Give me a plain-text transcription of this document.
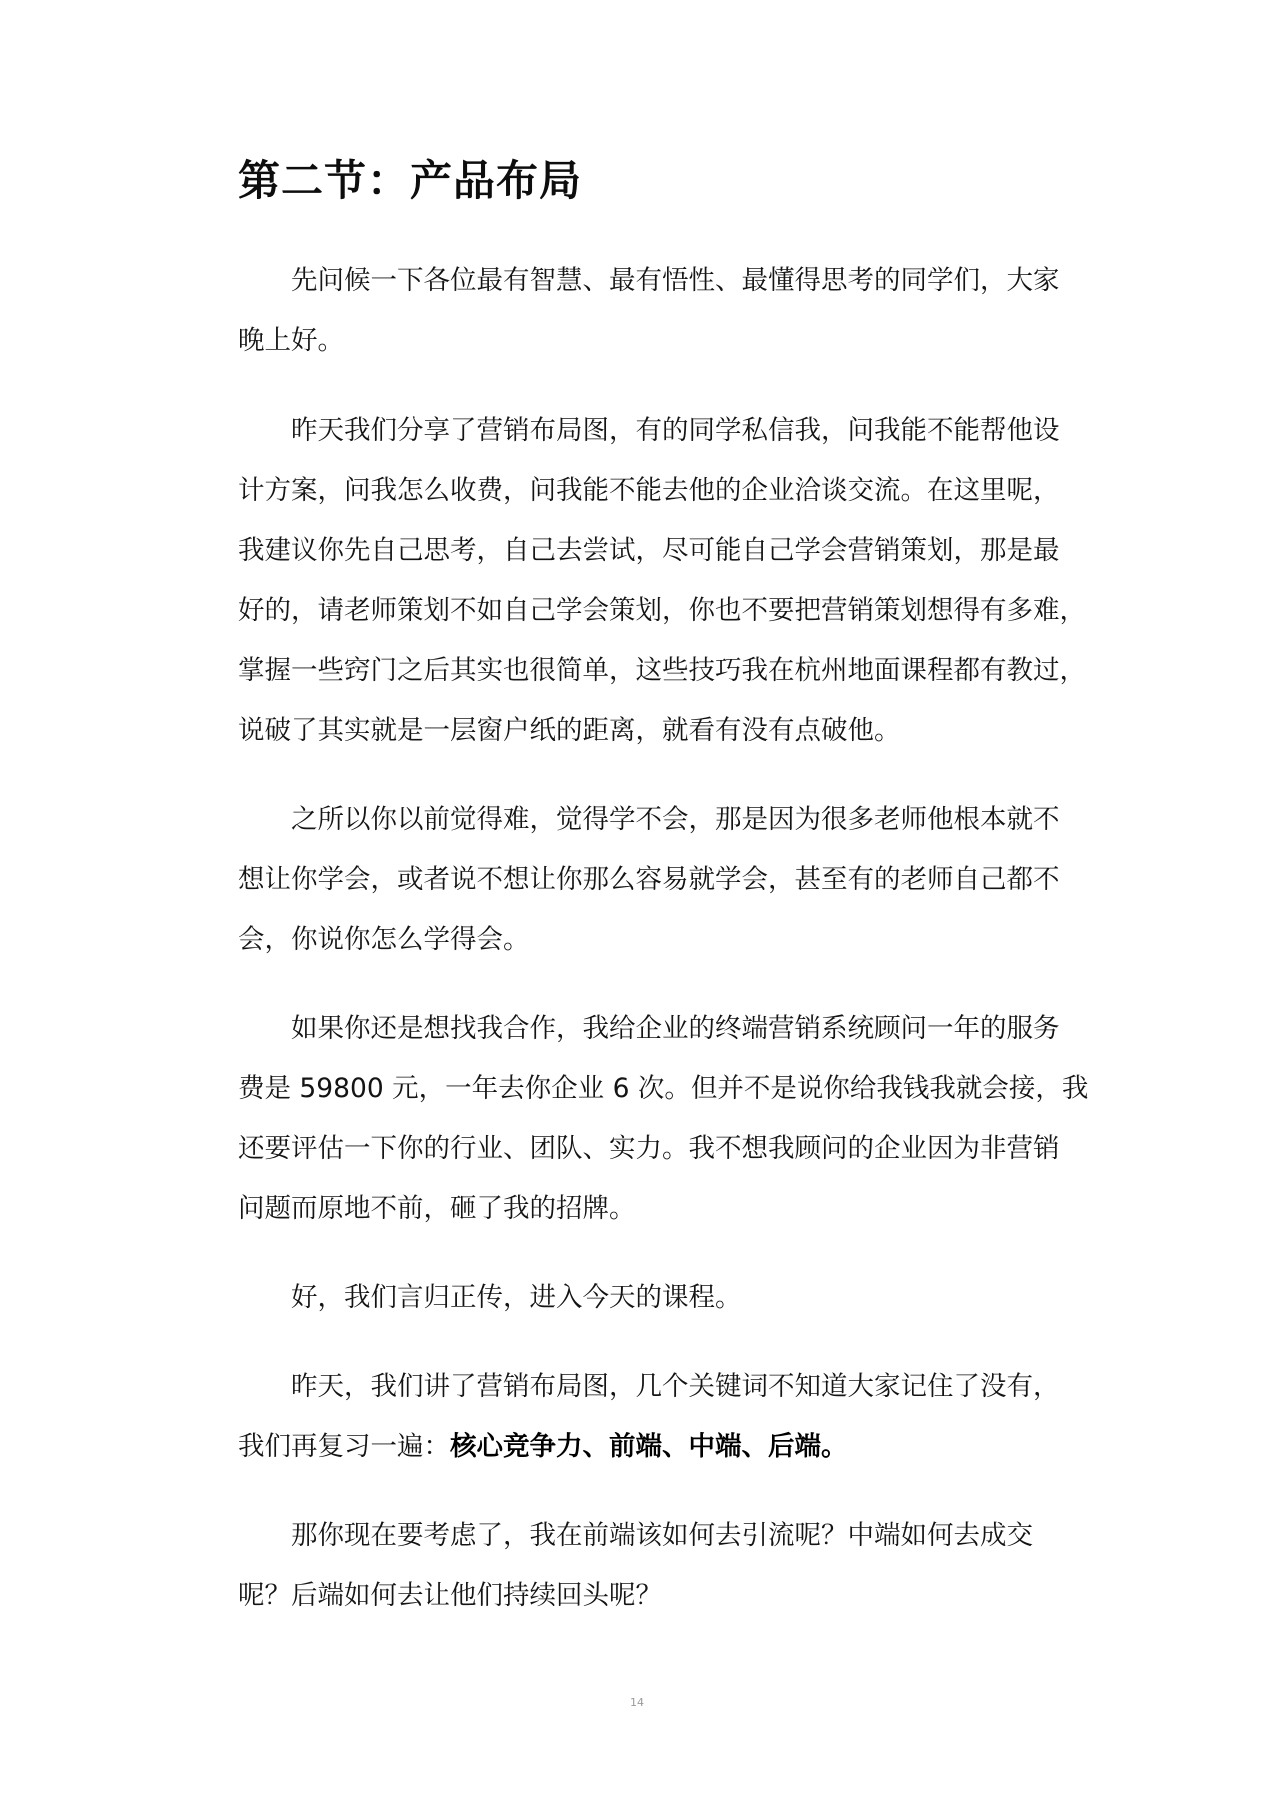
第二节：产品布局
先问候一下各位最有智慧、最有悟性、最懂得思考的同学们，大家
晚上好。
昨天我们分享了营销布局图，有的同学私信我，问我能不能帮他设
计方案，问我怎么收费，问我能不能去他的企业洽谈交流。在这里呢，
我建议你先自己思考，自己去尝试，尽可能自己学会营销策划，那是最
好的，请老师策划不如自己学会策划，你也不要把营销策划想得有多难，
掌握一些窍门之后其实也很简单，这些技巧我在杭州地面课程都有教过，
说破了其实就是一层窗户纸的距离，就看有没有点破他。
之所以你以前觉得难，觉得学不会，那是因为很多老师他根本就不
想让你学会，或者说不想让你那么容易就学会，甚至有的老师自己都不
会，你说你怎么学得会。
如果你还是想找我合作，我给企业的终端营销系统顾问一年的服务
费是 59800 元，一年去你企业 6 次。但并不是说你给我钱我就会接，我
还要评估一下你的行业、团队、实力。我不想我顾问的企业因为非营销
问题而原地不前，砸了我的招牌。
好，我们言归正传，进入今天的课程。
昨天，我们讲了营销布局图，几个关键词不知道大家记住了没有，
我们再复习一遍：核心竞争力、前端、中端、后端。
那你现在要考虑了，我在前端该如何去引流呢？中端如何去成交
呢？后端如何去让他们持续回头呢？
14
